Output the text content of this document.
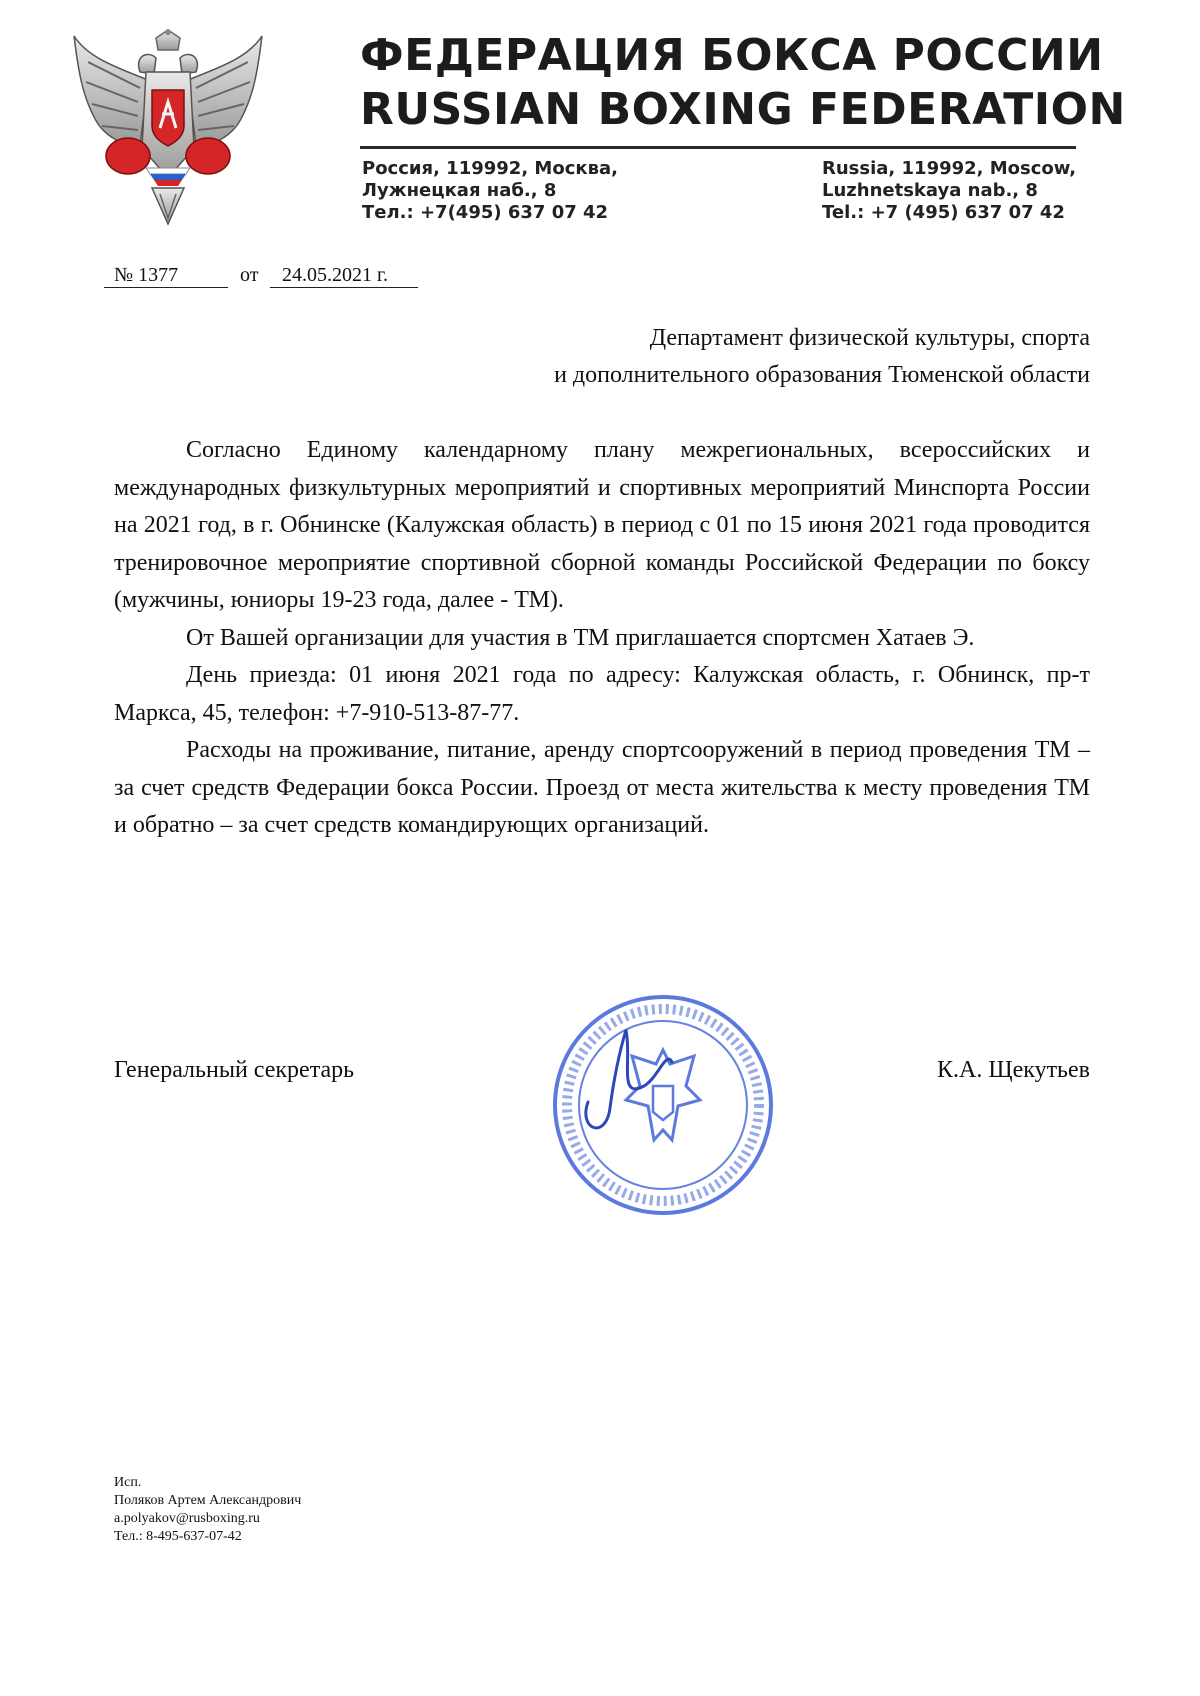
ФЕДЕРАЦИЯ БОКСА РОССИИ
RUSSIAN BOXING FEDERATION
Россия, 119992, Москва,
Лужнецкая наб., 8
Тел.: +7(495) 637 07 42
Russia, 119992, Moscow,
Luzhnetskaya nab., 8
Tel.: +7 (495) 637 07 42
№ 1377	от	24.05.2021 г.
Департамент физической культуры, спорта
и дополнительного образования Тюменской области

Согласно Единому календарному плану межрегиональных, всероссийских и международных физкультурных мероприятий и спортивных мероприятий Минспорта России на 2021 год, в г. Обнинске (Калужская область) в период с 01 по 15 июня 2021 года проводится тренировочное мероприятие спортивной сборной команды Российской Федерации по боксу (мужчины, юниоры 19-23 года, далее - ТМ).

От Вашей организации для участия в ТМ приглашается спортсмен Хатаев Э.

День приезда: 01 июня 2021 года по адресу: Калужская область, г. Обнинск, пр-т Маркса, 45, телефон: +7-910-513-87-77.

Расходы на проживание, питание, аренду спортсооружений в период проведения ТМ – за счет средств Федерации бокса России. Проезд от места жительства к месту проведения ТМ и обратно – за счет средств командирующих организаций.

Генеральный секретарь	К.А. Щекутьев
Исп.
Поляков Артем Александрович
a.polyakov@rusboxing.ru
Тел.: 8-495-637-07-42
